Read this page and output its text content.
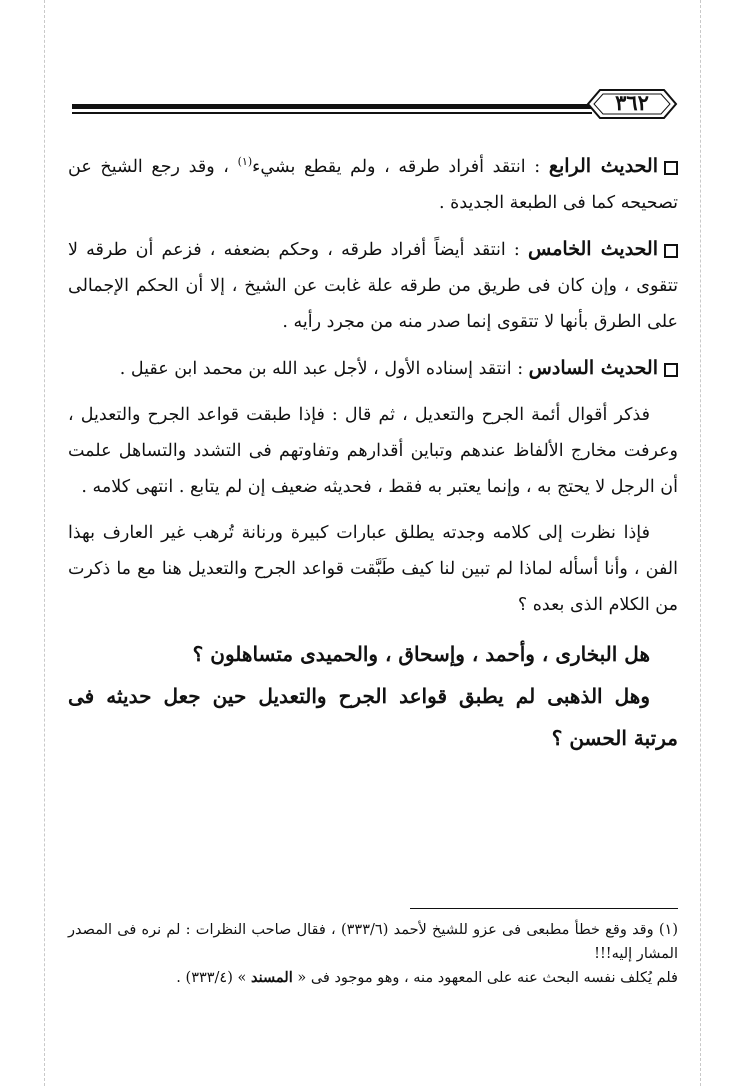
٣٦٢

الحديث الرابع : انتقد أفراد طرقه ، ولم يقطع بشيء$^{(١)}$ ، وقد رجع الشيخ عن تصحيحه كما فى الطبعة الجديدة .

الحديث الخامس : انتقد أيضاً أفراد طرقه ، وحكم بضعفه ، فزعم أن طرقه لا تتقوى ، وإن كان فى طريق من طرقه علة غابت عن الشيخ ، إلا أن الحكم الإجمالى على الطرق بأنها لا تتقوى إنما صدر منه من مجرد رأيه .

الحديث السادس : انتقد إسناده الأول ، لأجل عبد الله بن محمد ابن عقيل .

فذكر أقوال أئمة الجرح والتعديل ، ثم قال : فإذا طبقت قواعد الجرح والتعديل ، وعرفت مخارج الألفاظ عندهم وتباين أقدارهم وتفاوتهم فى التشدد والتساهل علمت أن الرجل لا يحتج به ، وإنما يعتبر به فقط ، فحديثه ضعيف إن لم يتابع . انتهى كلامه .

فإذا نظرت إلى كلامه وجدته يطلق عبارات كبيرة ورنانة تُرهب غير العارف بهذا الفن ، وأنا أسأله لماذا لم تبين لنا كيف طَبَّقت قواعد الجرح والتعديل هنا مع ما ذكرت من الكلام الذى بعده ؟

هل البخارى ، وأحمد ، وإسحاق ، والحميدى متساهلون ؟

وهل الذهبى لم يطبق قواعد الجرح والتعديل حين جعل حديثه فى مرتبة الحسن ؟

(١) وقد وقع خطأ مطبعى فى عزو للشيخ لأحمد (٣٣٣/٦) ، فقال صاحب النظرات : لم نره فى المصدر المشار إليه!!!

فلم يُكلف نفسه البحث عنه على المعهود منه ، وهو موجود فى « المسند » (٣٣٣/٤) .
